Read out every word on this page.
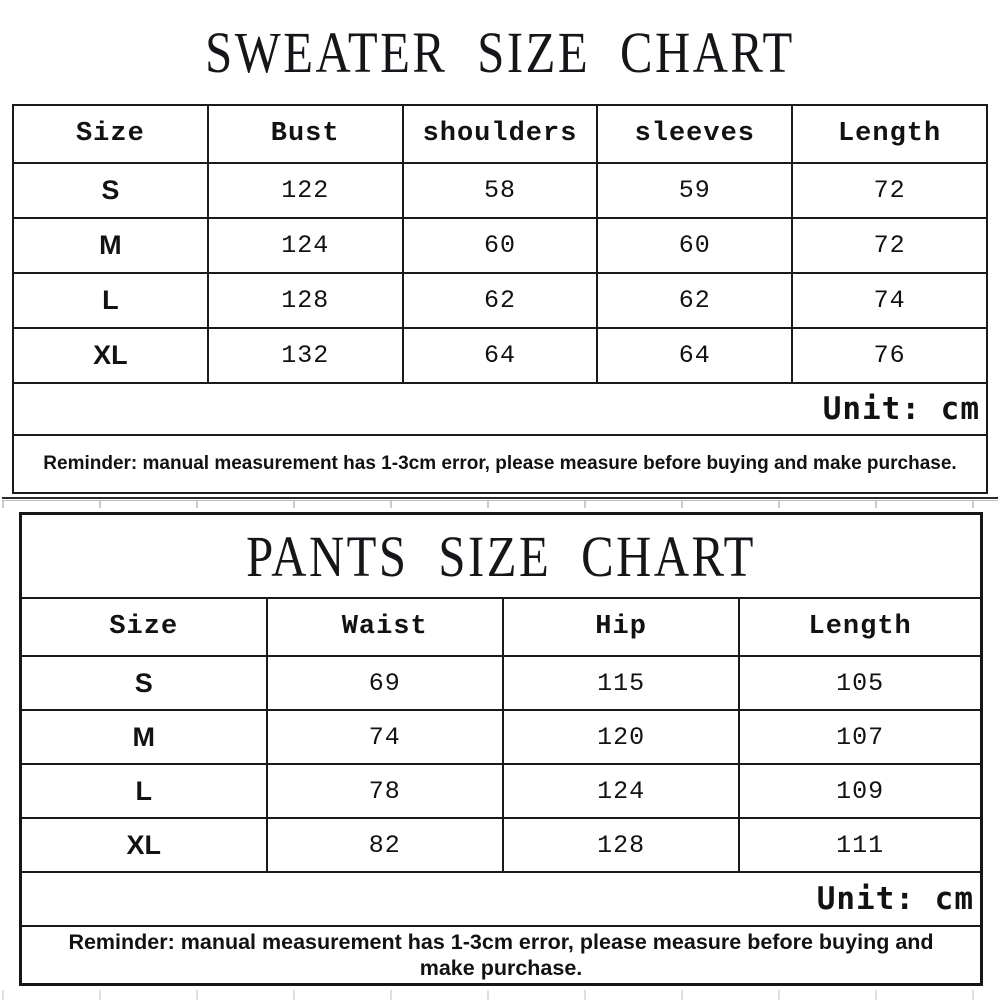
SWEATER SIZE CHART
Size	Bust	shoulders	sleeves	Length
S	122	58	59	72
M	124	60	60	72
L	128	62	62	74
XL	132	64	64	76
Unit: cm				
Reminder: manual measurement has 1-3cm error, please measure before buying and make purchase.				
PANTS SIZE CHART			

Size	Waist	Hip	Length
S	69	115	105
M	74	120	107
L	78	124	109
XL	82	128	111
Unit: cm			
Reminder: manual measurement has 1-3cm error, please measure before buying and make purchase.			
